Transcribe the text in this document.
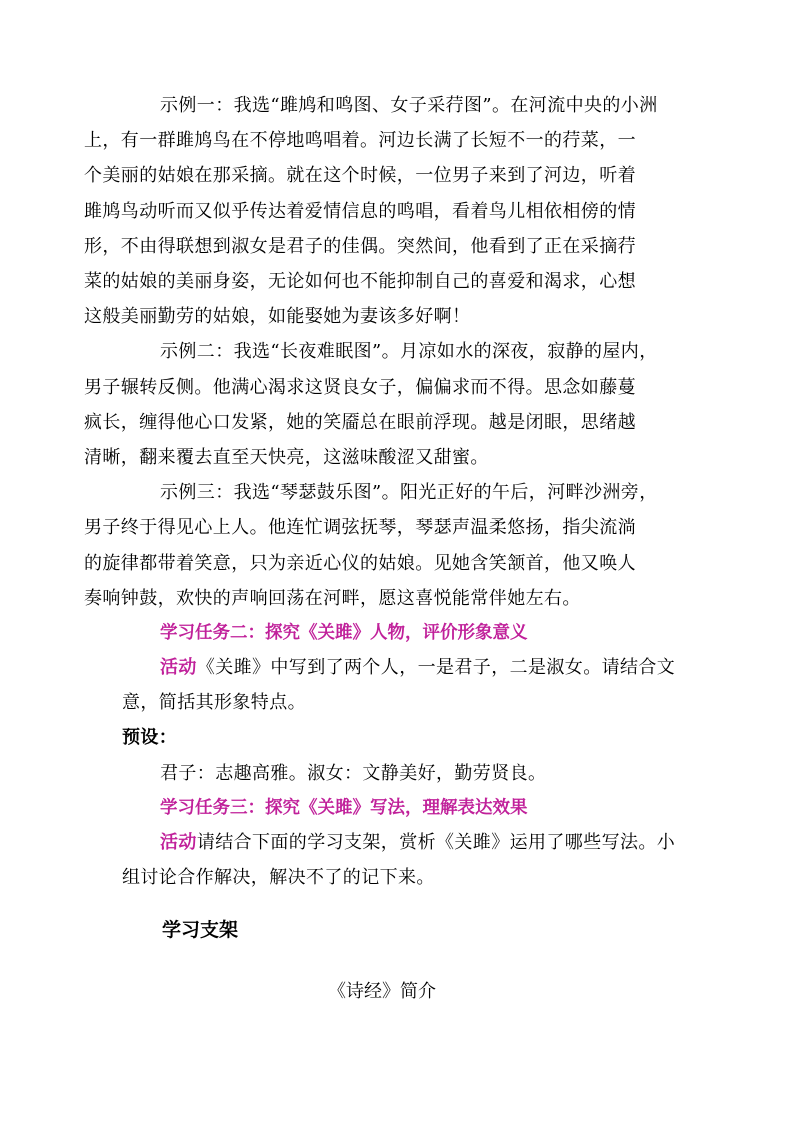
示例一：我选“雎鸠和鸣图、女子采荇图”。在河流中央的小洲
上，有一群雎鸠鸟在不停地鸣唱着。河边长满了长短不一的荇菜，一
个美丽的姑娘在那采摘。就在这个时候，一位男子来到了河边，听着
雎鸠鸟动听而又似乎传达着爱情信息的鸣唱，看着鸟儿相依相傍的情
形，不由得联想到淑女是君子的佳偶。突然间，他看到了正在采摘荇
菜的姑娘的美丽身姿，无论如何也不能抑制自己的喜爱和渴求，心想
这般美丽勤劳的姑娘，如能娶她为妻该多好啊！

示例二：我选“长夜难眠图”。月凉如水的深夜，寂静的屋内，
男子辗转反侧。他满心渴求这贤良女子，偏偏求而不得。思念如藤蔓
疯长，缠得他心口发紧，她的笑靥总在眼前浮现。越是闭眼，思绪越
清晰，翻来覆去直至天快亮，这滋味酸涩又甜蜜。

示例三：我选“琴瑟鼓乐图”。阳光正好的午后，河畔沙洲旁，
男子终于得见心上人。他连忙调弦抚琴，琴瑟声温柔悠扬，指尖流淌
的旋律都带着笑意，只为亲近心仪的姑娘。见她含笑颔首，他又唤人
奏响钟鼓，欢快的声响回荡在河畔，愿这喜悦能常伴她左右。

学习任务二：探究《关雎》人物，评价形象意义

活动《关雎》中写到了两个人，一是君子，二是淑女。请结合文
意，简括其形象特点。

预设：

君子：志趣高雅。淑女：文静美好，勤劳贤良。

学习任务三：探究《关雎》写法，理解表达效果

活动请结合下面的学习支架，赏析《关雎》运用了哪些写法。小
组讨论合作解决，解决不了的记下来。

学习支架

《诗经》简介
